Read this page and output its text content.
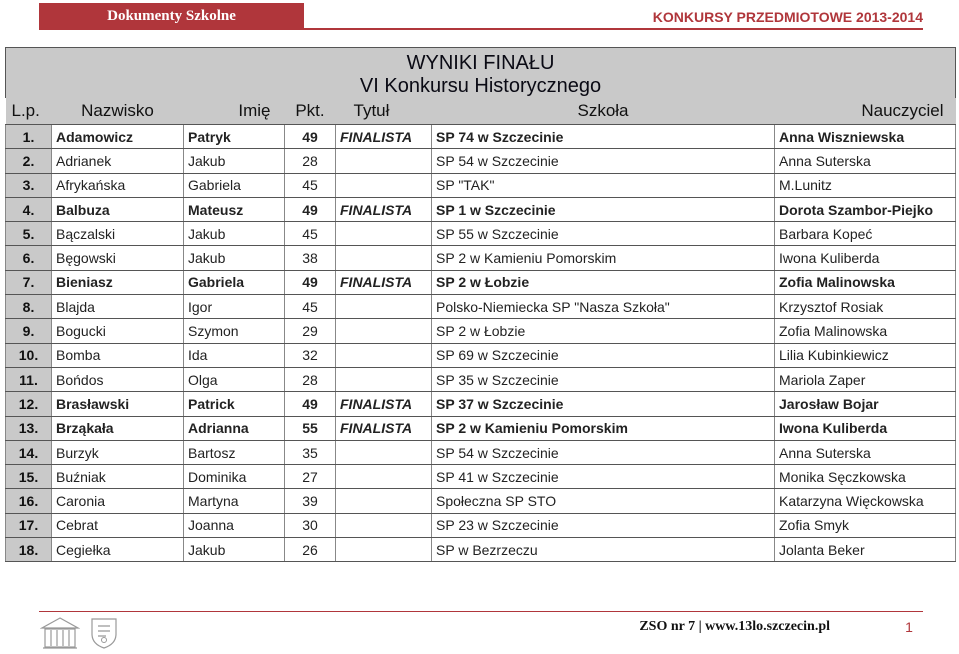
Dokumenty Szkolne	KONKURSY PRZEDMIOTOWE 2013-2014
WYNIKI FINAŁU						
VI Konkursu Historycznego						
L.p.	Nazwisko	Imię	Pkt.	Tytuł	Szkoła	Nauczyciel
1.	Adamowicz	Patryk	49	FINALISTA	SP 74 w Szczecinie	Anna Wiszniewska
2.	Adrianek	Jakub	28		SP 54 w Szczecinie	Anna Suterska
3.	Afrykańska	Gabriela	45		SP "TAK"	M.Lunitz
4.	Balbuza	Mateusz	49	FINALISTA	SP 1 w Szczecinie	Dorota Szambor-Piejko
5.	Bączalski	Jakub	45		SP 55 w Szczecinie	Barbara Kopeć
6.	Bęgowski	Jakub	38		SP 2 w Kamieniu Pomorskim	Iwona Kuliberda
7.	Bieniasz	Gabriela	49	FINALISTA	SP 2 w Łobzie	Zofia Malinowska
8.	Blajda	Igor	45		Polsko-Niemiecka SP "Nasza Szkoła"	Krzysztof Rosiak
9.	Bogucki	Szymon	29		SP 2 w Łobzie	Zofia Malinowska
10.	Bomba	Ida	32		SP 69 w Szczecinie	Lilia Kubinkiewicz
11.	Bońdos	Olga	28		SP 35 w Szczecinie	Mariola Zaper
12.	Brasławski	Patrick	49	FINALISTA	SP 37 w Szczecinie	Jarosław Bojar
13.	Brząkała	Adrianna	55	FINALISTA	SP 2 w Kamieniu Pomorskim	Iwona Kuliberda
14.	Burzyk	Bartosz	35		SP 54 w Szczecinie	Anna Suterska
15.	Buźniak	Dominika	27		SP 41 w Szczecinie	Monika Sęczkowska
16.	Caronia	Martyna	39		Społeczna SP STO	Katarzyna Więckowska
17.	Cebrat	Joanna	30		SP 23 w Szczecinie	Zofia Smyk
18.	Cegiełka	Jakub	26		SP w Bezrzeczu	Jolanta Beker
ZSO nr 7 | www.13lo.szczecin.pl	1
